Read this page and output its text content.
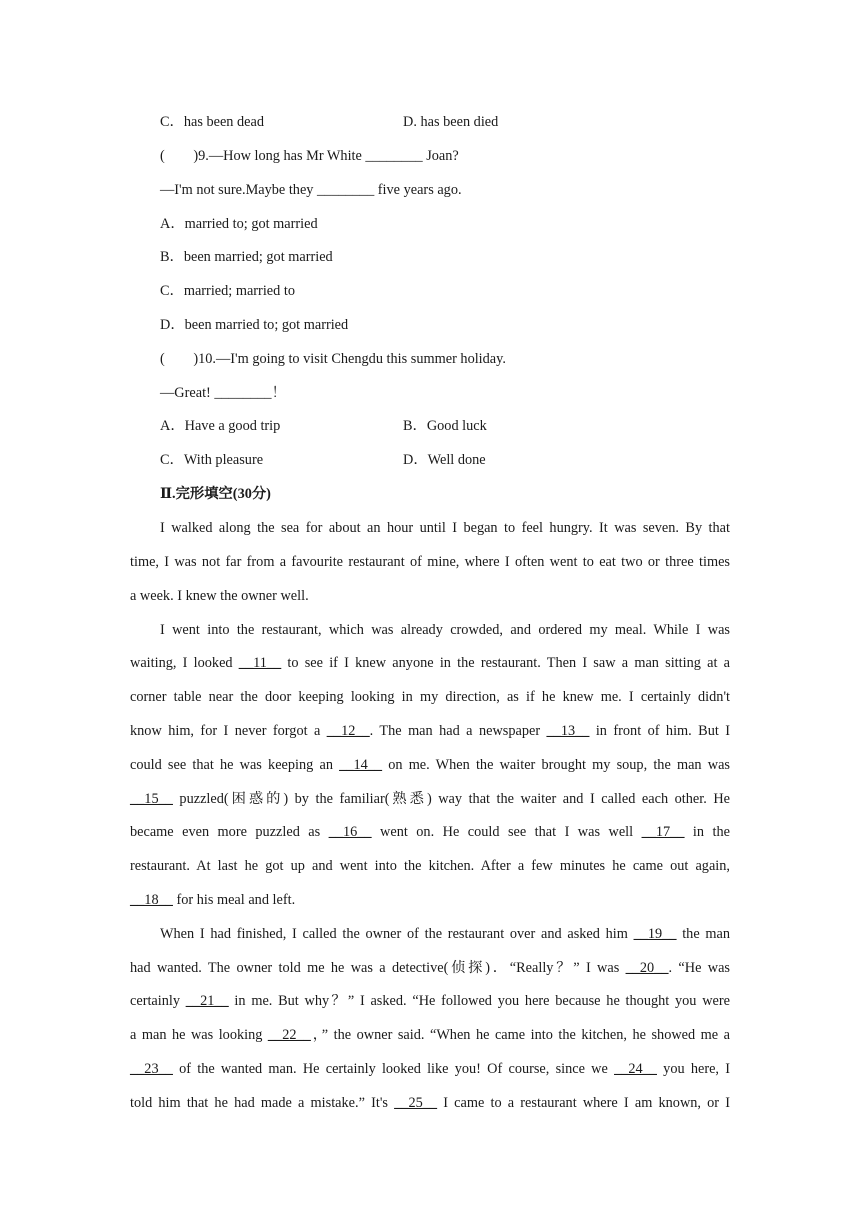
C．has been dead	D. has been died
(　　)9.—How long has Mr White ________ Joan?
—I'm not sure.Maybe they ________ five years ago.
A．married to; got married
B．been married; got married
C．married; married to
D．been married to; got married
(　　)10.—I'm going to visit Chengdu this summer holiday.
—Great! ________！
A．Have a good trip	B．Good luck
C．With pleasure	D．Well done
Ⅱ.完形填空(30分)
I walked along the sea for about an hour until I began to feel hungry. It was seven. By that
time, I was not far from a favourite restaurant of mine, where I often went to eat two or three times
a week. I knew the owner well.
I went into the restaurant, which was already crowded, and ordered my meal. While I was
waiting, I looked __11__ to see if I knew anyone in the restaurant. Then I saw a man sitting at a
corner table near the door keeping looking in my direction, as if he knew me. I certainly didn't
know him, for I never forgot a __12__. The man had a newspaper __13__ in front of him. But I
could see that he was keeping an __14__ on me. When the waiter brought my soup, the man was
__15__ puzzled(困惑的) by the familiar(熟悉) way that the waiter and I called each other. He
became even more puzzled as __16__ went on. He could see that I was well __17__ in the
restaurant. At last he got up and went into the kitchen. After a few minutes he came out again,
__18__ for his meal and left.
When I had finished, I called the owner of the restaurant over and asked him __19__ the man
had wanted. The owner told me he was a detective(侦探)．“Really？” I was __20__. “He was
certainly __21__ in me. But why？” I asked. “He followed you here because he thought you were
a man he was looking __22__，” the owner said. “When he came into the kitchen, he showed me a
__23__ of the wanted man. He certainly looked like you! Of course, since we __24__ you here, I
told him that he had made a mistake.” It's __25__ I came to a restaurant where I am known, or I
